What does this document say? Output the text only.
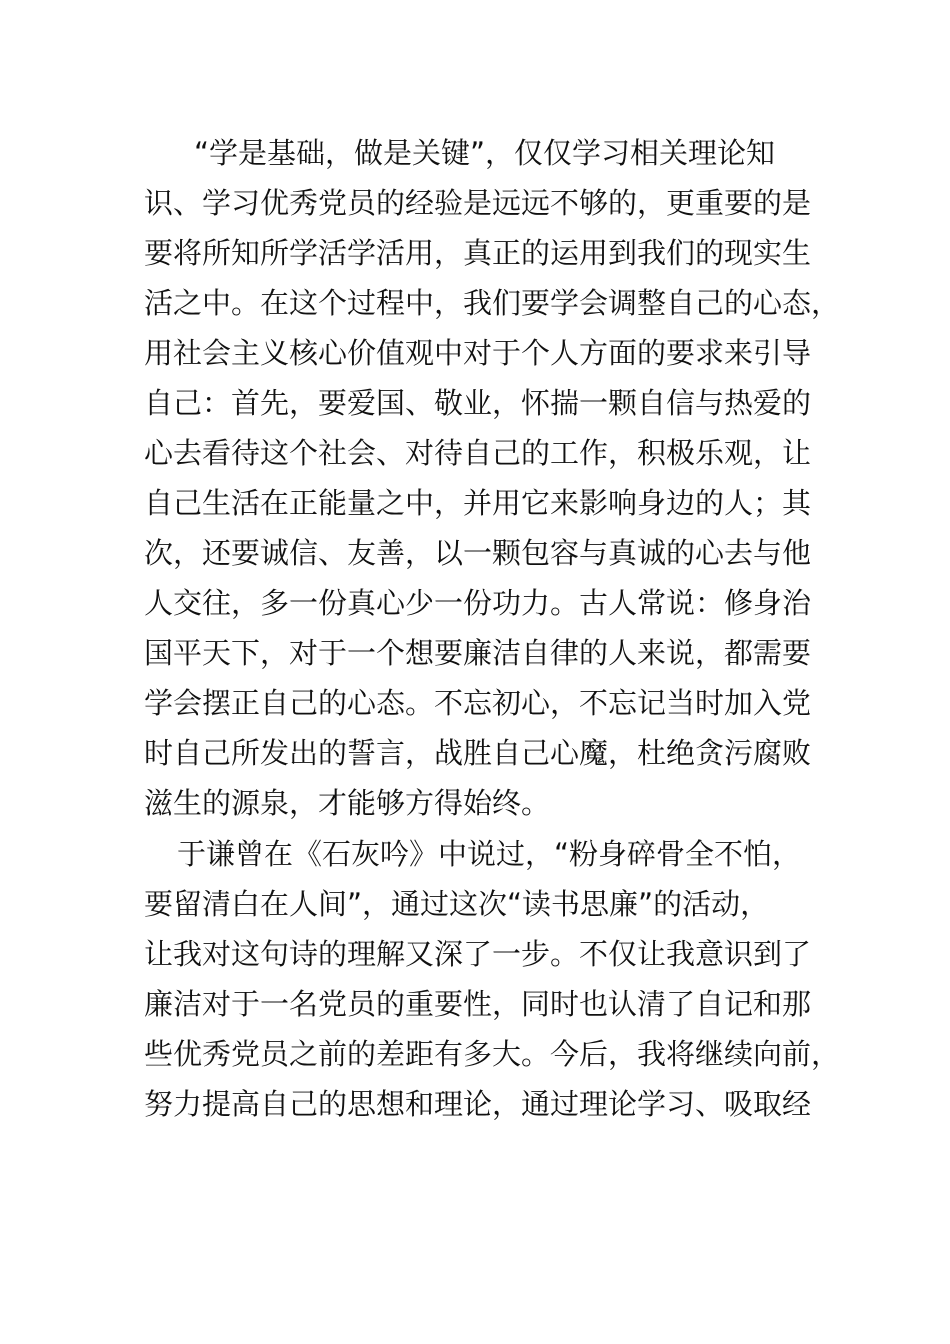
“学是基础，做是关键”，仅仅学习相关理论知
识、学习优秀党员的经验是远远不够的，更重要的是
要将所知所学活学活用，真正的运用到我们的现实生
活之中。在这个过程中，我们要学会调整自己的心态，
用社会主义核心价值观中对于个人方面的要求来引导
自己：首先，要爱国、敬业，怀揣一颗自信与热爱的
心去看待这个社会、对待自己的工作，积极乐观，让
自己生活在正能量之中，并用它来影响身边的人；其
次，还要诚信、友善，以一颗包容与真诚的心去与他
人交往，多一份真心少一份功力。古人常说：修身治
国平天下，对于一个想要廉洁自律的人来说，都需要
学会摆正自己的心态。不忘初心，不忘记当时加入党
时自己所发出的誓言，战胜自己心魔，杜绝贪污腐败
滋生的源泉，才能够方得始终。
于谦曾在《石灰吟》中说过，“粉身碎骨全不怕，
要留清白在人间”，通过这次“读书思廉”的活动，
让我对这句诗的理解又深了一步。不仅让我意识到了
廉洁对于一名党员的重要性，同时也认清了自记和那
些优秀党员之前的差距有多大。今后，我将继续向前，
努力提高自己的思想和理论，通过理论学习、吸取经
